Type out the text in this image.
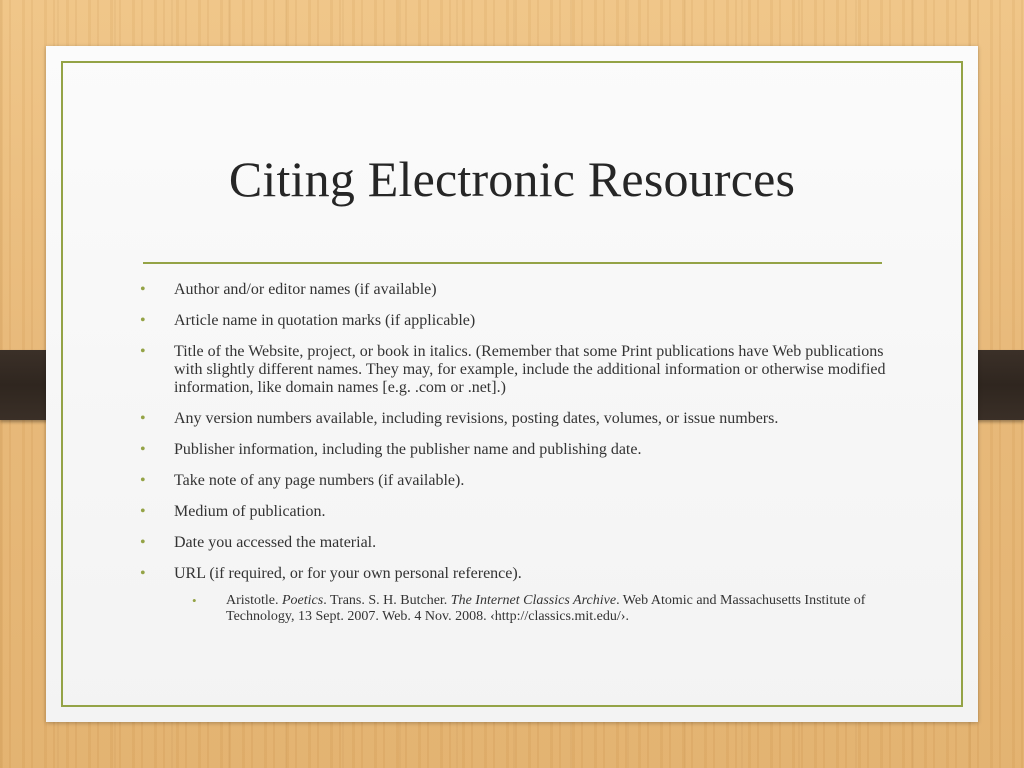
Citing Electronic Resources
• Author and/or editor names (if available)
• Article name in quotation marks (if applicable)
• Title of the Website, project, or book in italics. (Remember that some Print publications have Web publications with slightly different names. They may, for example, include the additional information or otherwise modified information, like domain names [e.g. .com or .net].)
• Any version numbers available, including revisions, posting dates, volumes, or issue numbers.
• Publisher information, including the publisher name and publishing date.
• Take note of any page numbers (if available).
• Medium of publication.
• Date you accessed the material.
• URL (if required, or for your own personal reference).
• Aristotle. Poetics. Trans. S. H. Butcher. The Internet Classics Archive. Web Atomic and Massachusetts Institute of Technology, 13 Sept. 2007. Web. 4 Nov. 2008. ‹http://classics.mit.edu/›.
